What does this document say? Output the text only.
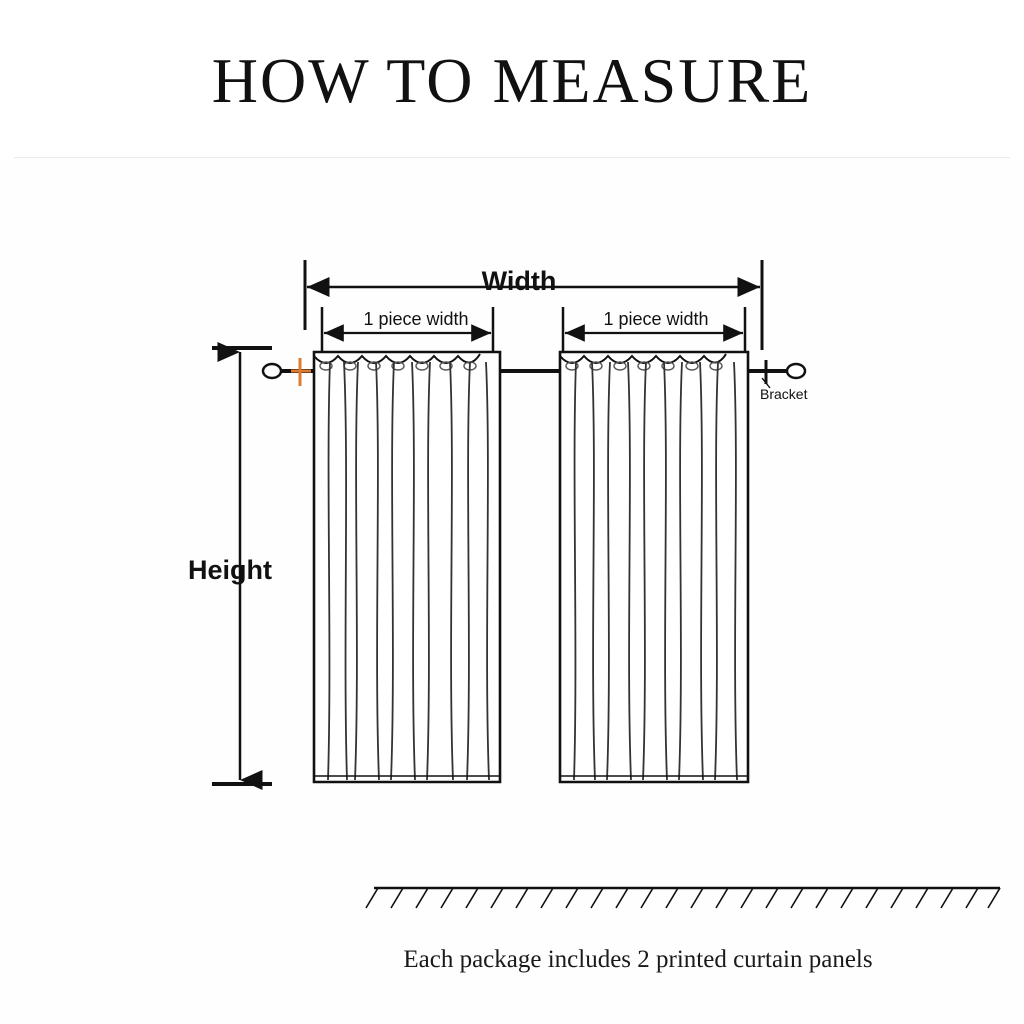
HOW TO MEASURE
Width
1 piece width	1 piece width
Height
Bracket
Each package includes 2 printed curtain panels
